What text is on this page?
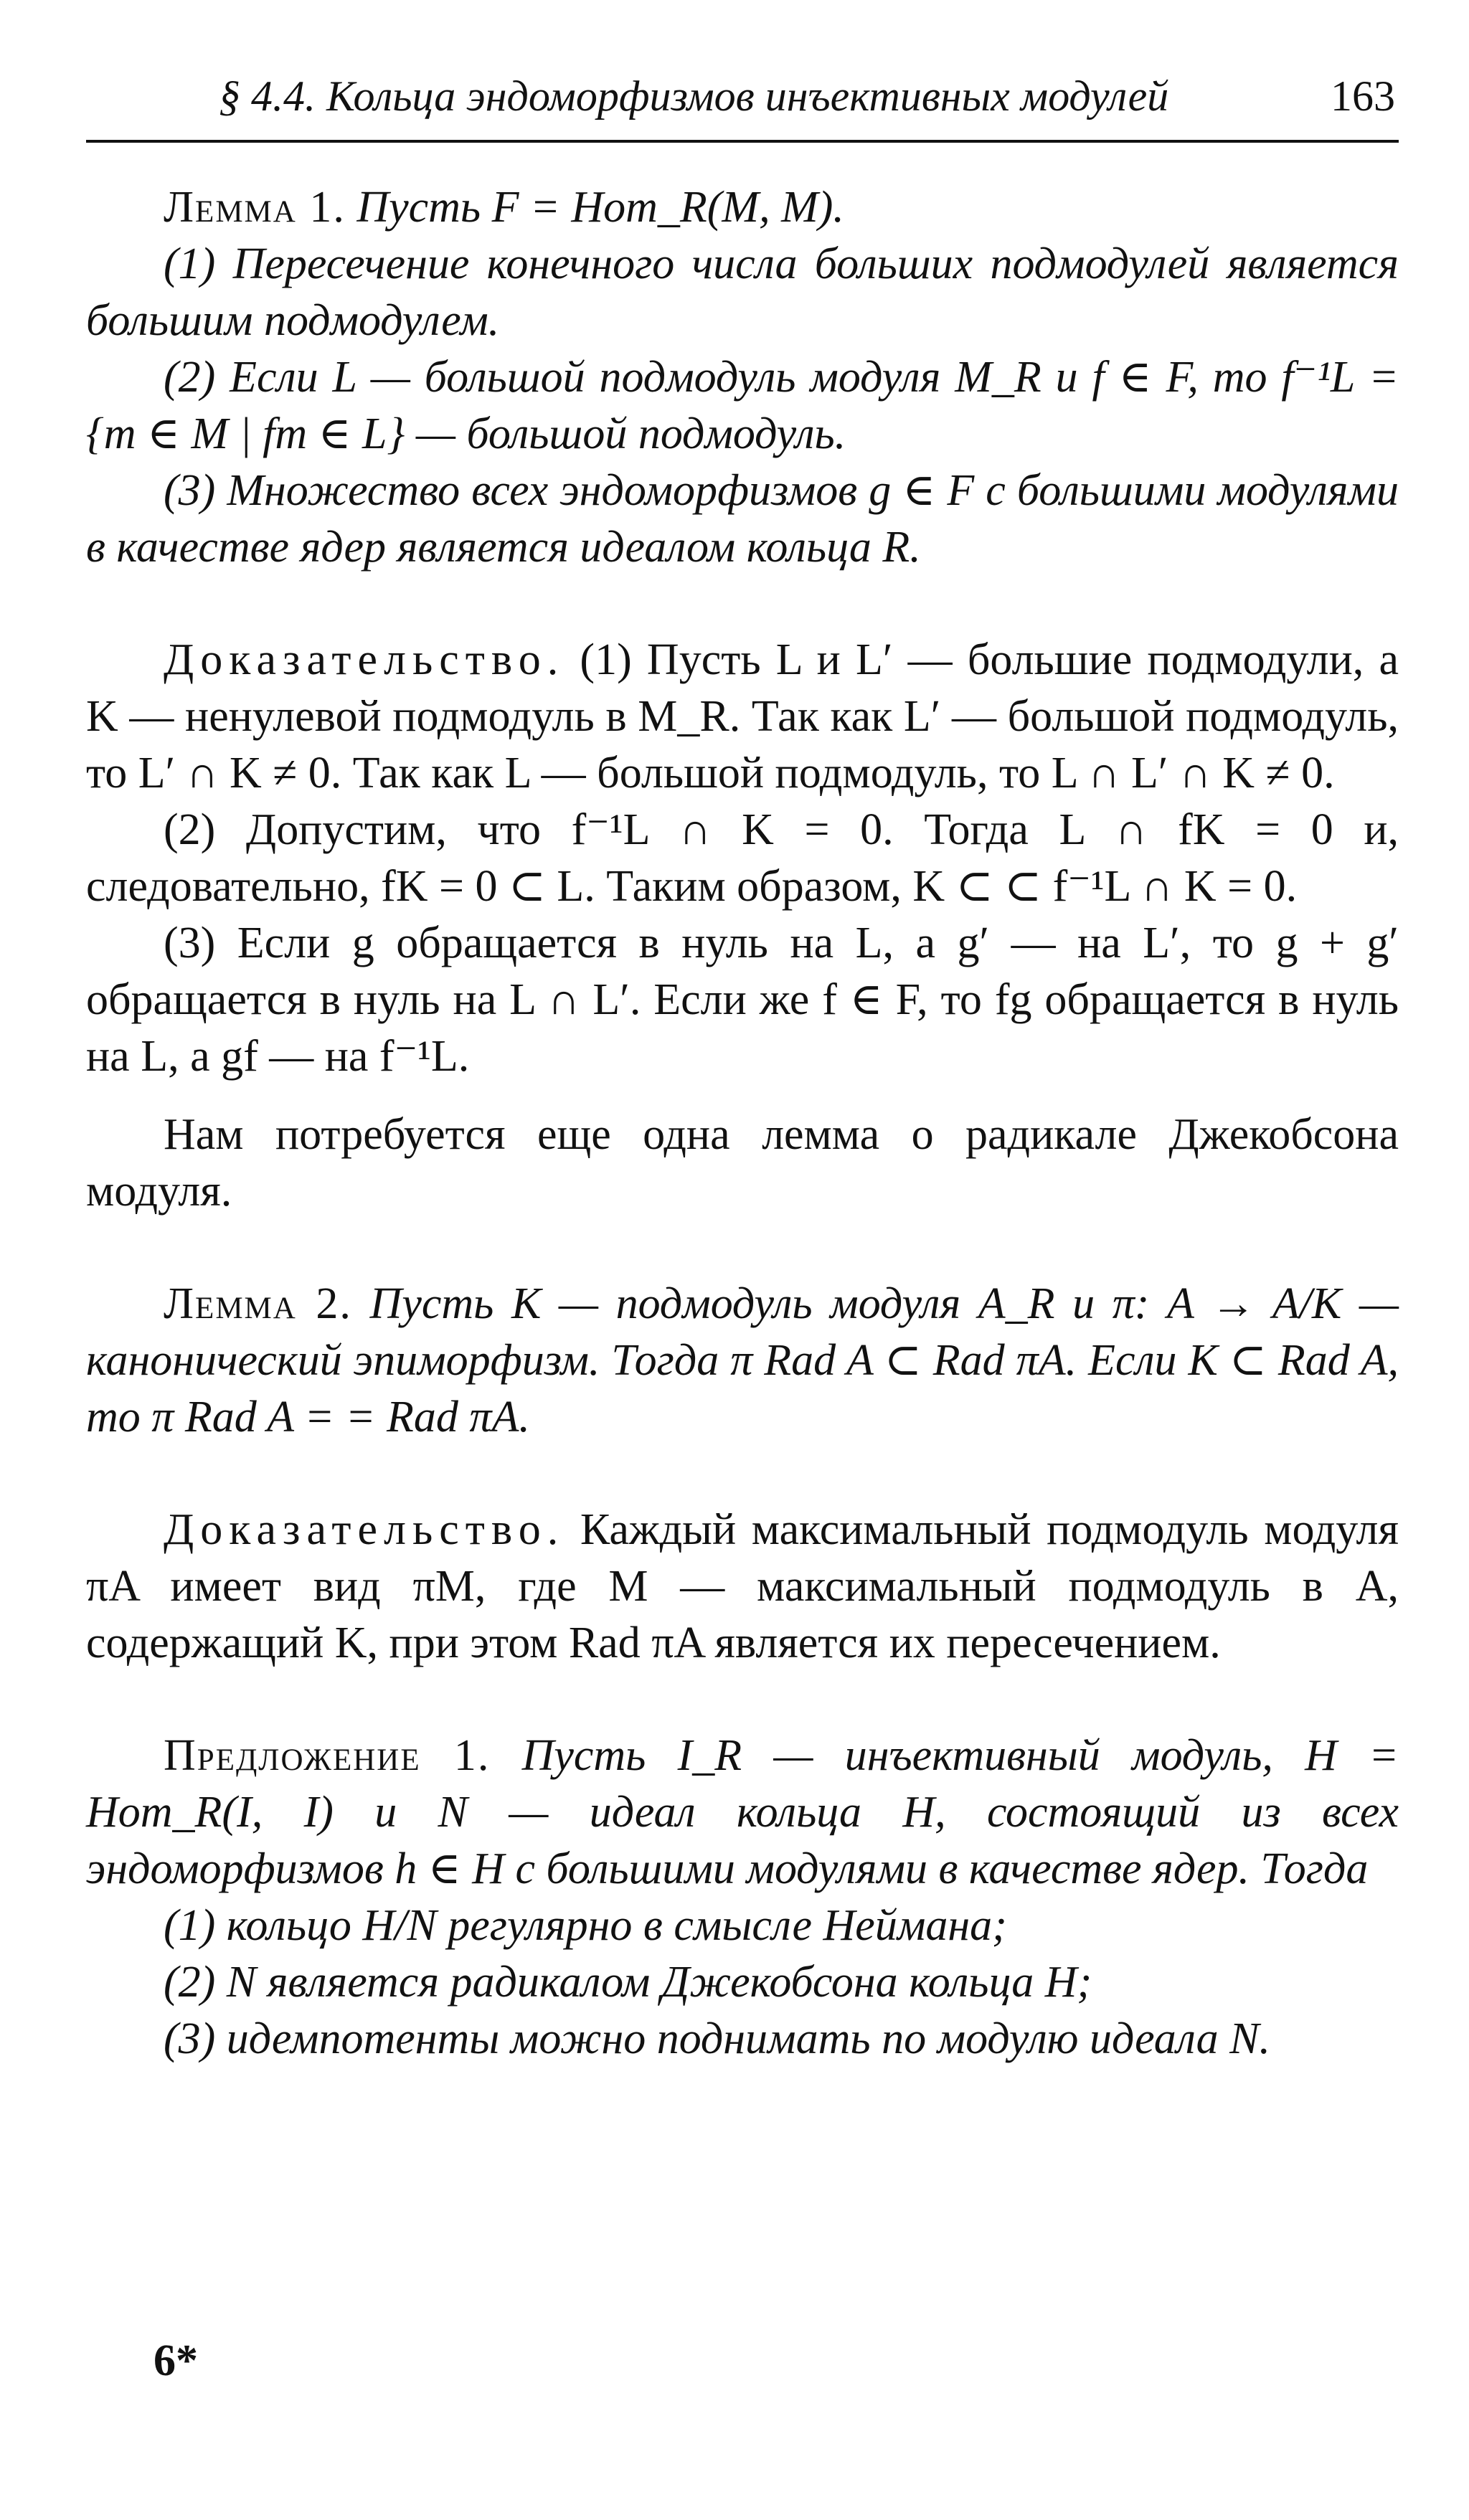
§ 4.4. Кольца эндоморфизмов инъективных модулей	163

Лемма 1. Пусть F = Hom_R(M, M).

(1) Пересечение конечного числа больших подмодулей является большим подмодулем.

(2) Если L — большой подмодуль модуля M_R и f ∈ F, то f⁻¹L = {m ∈ M | fm ∈ L} — большой подмодуль.

(3) Множество всех эндоморфизмов g ∈ F с большими модулями в качестве ядер является идеалом кольца R.

Доказательство. (1) Пусть L и L′ — большие подмодули, а K — ненулевой подмодуль в M_R. Так как L′ — большой подмодуль, то L′ ∩ K ≠ 0. Так как L — большой подмодуль, то L ∩ L′ ∩ K ≠ 0.

(2) Допустим, что f⁻¹L ∩ K = 0. Тогда L ∩ fK = 0 и, следовательно, fK = 0 ⊂ L. Таким образом, K ⊂ ⊂ f⁻¹L ∩ K = 0.

(3) Если g обращается в нуль на L, а g′ — на L′, то g + g′ обращается в нуль на L ∩ L′. Если же f ∈ F, то fg обращается в нуль на L, а gf — на f⁻¹L.

Нам потребуется еще одна лемма о радикале Джекобсона модуля.

Лемма 2. Пусть K — подмодуль модуля A_R и π: A → A/K — канонический эпиморфизм. Тогда π Rad A ⊂ Rad πA. Если K ⊂ Rad A, то π Rad A = = Rad πA.

Доказательство. Каждый максимальный подмодуль модуля πA имеет вид πM, где M — максимальный подмодуль в A, содержащий K, при этом Rad πA является их пересечением.

Предложение 1. Пусть I_R — инъективный модуль, H = Hom_R(I, I) и N — идеал кольца H, состоящий из всех эндоморфизмов h ∈ H с большими модулями в качестве ядер. Тогда

(1) кольцо H/N регулярно в смысле Неймана;

(2) N является радикалом Джекобсона кольца H;

(3) идемпотенты можно поднимать по модулю идеала N.

6*
